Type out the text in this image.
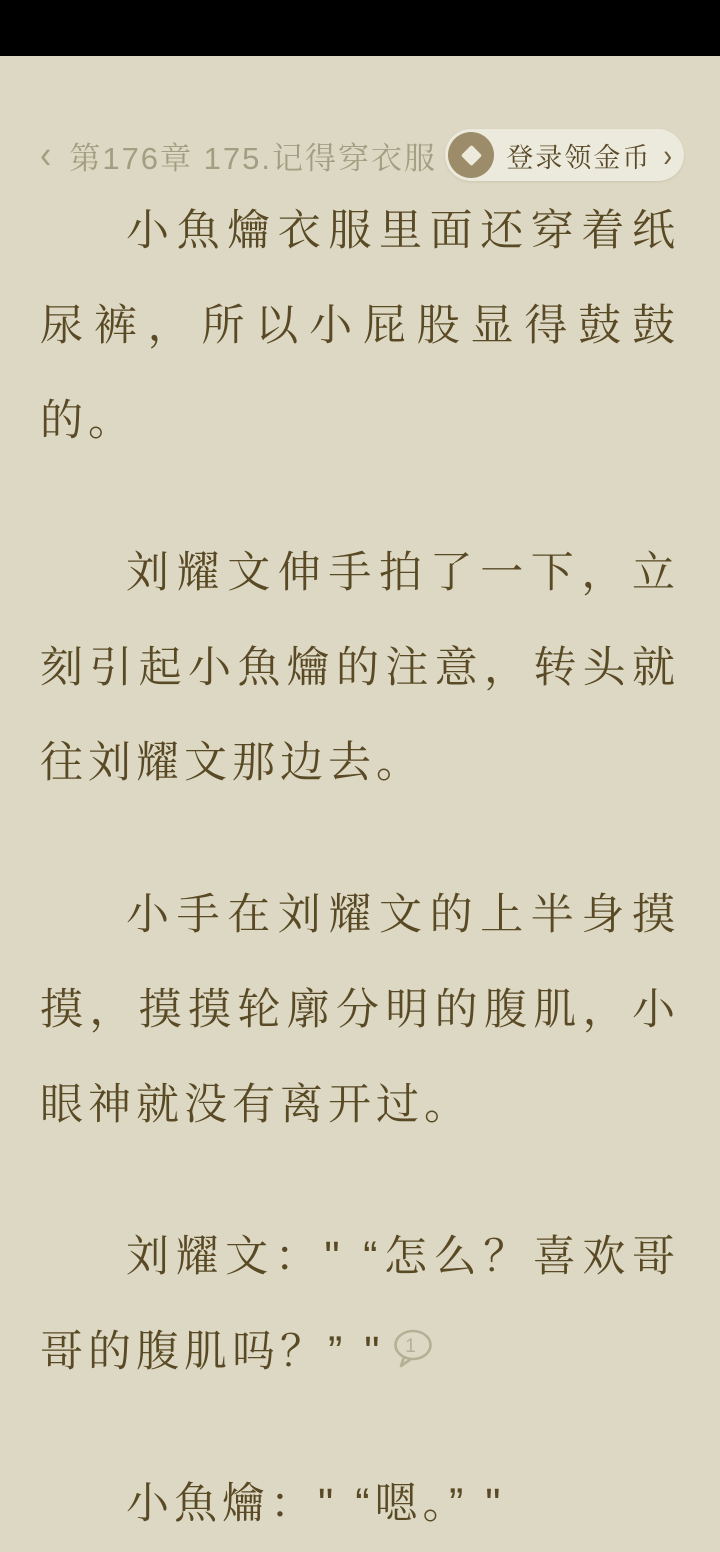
‹ 第176章 175.记得穿衣服	登录领金币 ›

小魚爚衣服里面还穿着纸尿裤，所以小屁股显得鼓鼓的。

刘耀文伸手拍了一下，立刻引起小魚爚的注意，转头就往刘耀文那边去。

小手在刘耀文的上半身摸摸，摸摸轮廓分明的腹肌，小眼神就没有离开过。

刘耀文：" “怎么？喜欢哥哥的腹肌吗？” " 1

小魚爚：" “嗯。” "
